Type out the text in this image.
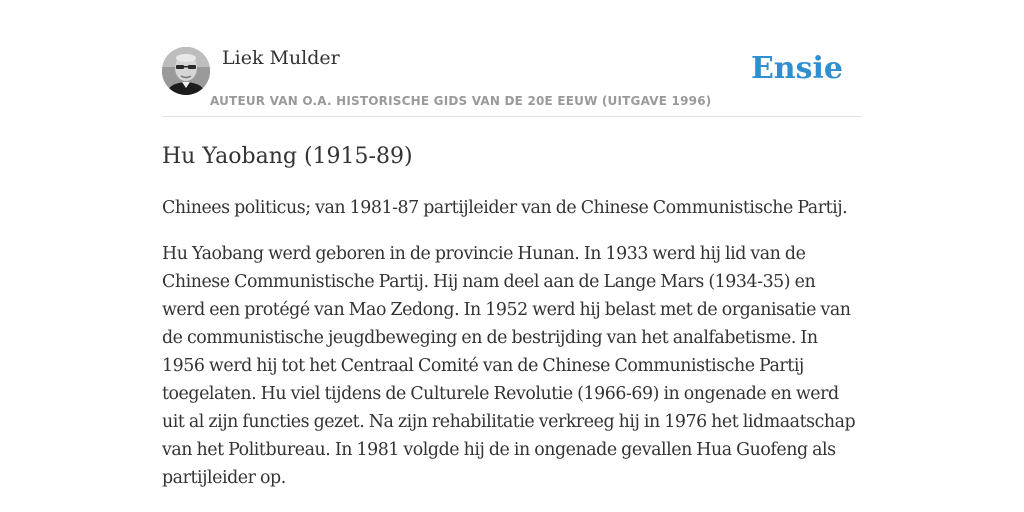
Liek Mulder
AUTEUR VAN O.A. HISTORISCHE GIDS VAN DE 20E EEUW (UITGAVE 1996)
Ensie
Hu Yaobang (1915-89)

Chinees politicus; van 1981-87 partijleider van de Chinese Communistische Partij.

Hu Yaobang werd geboren in de provincie Hunan. In 1933 werd hij lid van de Chinese Communistische Partij. Hij nam deel aan de Lange Mars (1934-35) en werd een protégé van Mao Zedong. In 1952 werd hij belast met de organisatie van de communistische jeugdbeweging en de bestrijding van het analfabetisme. In 1956 werd hij tot het Centraal Comité van de Chinese Communistische Partij toegelaten. Hu viel tijdens de Culturele Revolutie (1966-69) in ongenade en werd uit al zijn functies gezet. Na zijn rehabilitatie verkreeg hij in 1976 het lidmaatschap van het Politbureau. In 1981 volgde hij de in ongenade gevallen Hua Guofeng als partijleider op.
